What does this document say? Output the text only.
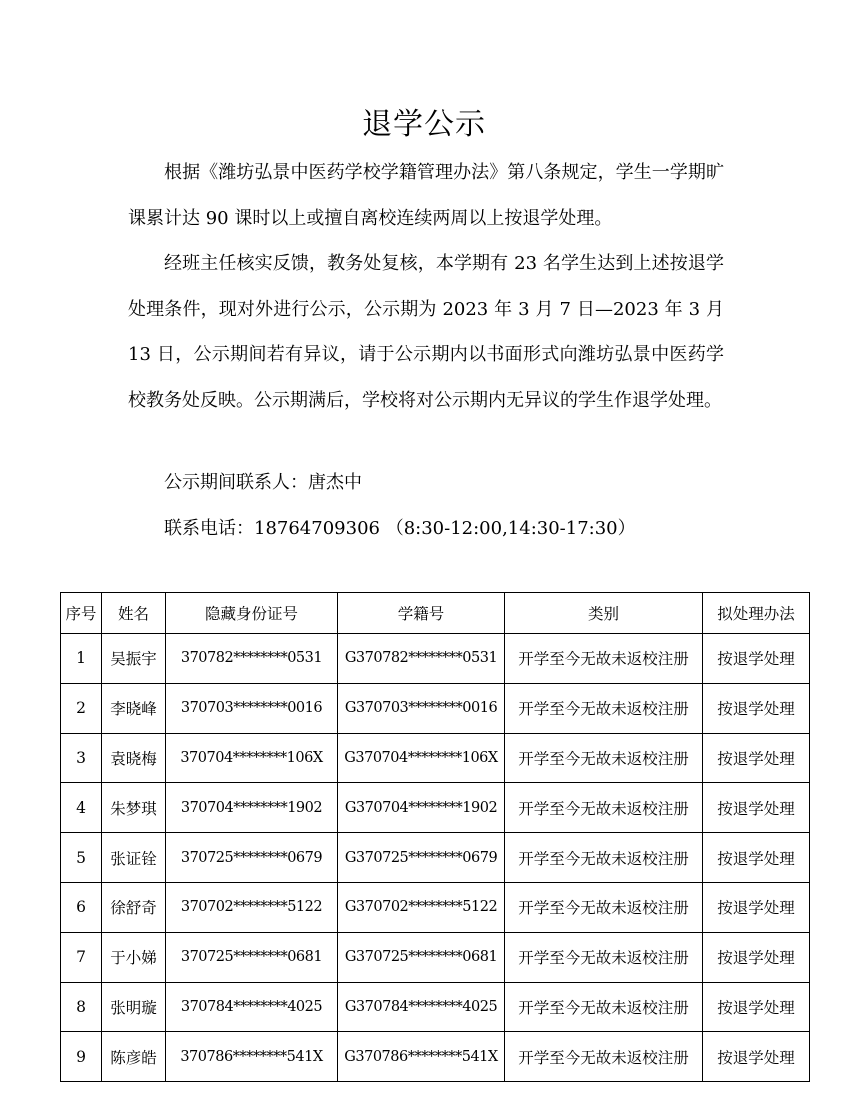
退学公示

根据《潍坊弘景中医药学校学籍管理办法》第八条规定，学生一学期旷课累计达 90 课时以上或擅自离校连续两周以上按退学处理。

经班主任核实反馈，教务处复核，本学期有 23 名学生达到上述按退学处理条件，现对外进行公示，公示期为 2023 年 3 月 7 日—2023 年 3 月 13 日，公示期间若有异议，请于公示期内以书面形式向潍坊弘景中医药学校教务处反映。公示期满后，学校将对公示期内无异议的学生作退学处理。

公示期间联系人：唐杰中

联系电话：18764709306 （8:30-12:00,14:30-17:30）

序号	姓名	隐藏身份证号	学籍号	类别	拟处理办法
1	吴振宇	370782********0531	G370782********0531	开学至今无故未返校注册	按退学处理
2	李晓峰	370703********0016	G370703********0016	开学至今无故未返校注册	按退学处理
3	袁晓梅	370704********106X	G370704********106X	开学至今无故未返校注册	按退学处理
4	朱梦琪	370704********1902	G370704********1902	开学至今无故未返校注册	按退学处理
5	张证铨	370725********0679	G370725********0679	开学至今无故未返校注册	按退学处理
6	徐舒奇	370702********5122	G370702********5122	开学至今无故未返校注册	按退学处理
7	于小娣	370725********0681	G370725********0681	开学至今无故未返校注册	按退学处理
8	张明璇	370784********4025	G370784********4025	开学至今无故未返校注册	按退学处理
9	陈彦皓	370786********541X	G370786********541X	开学至今无故未返校注册	按退学处理
